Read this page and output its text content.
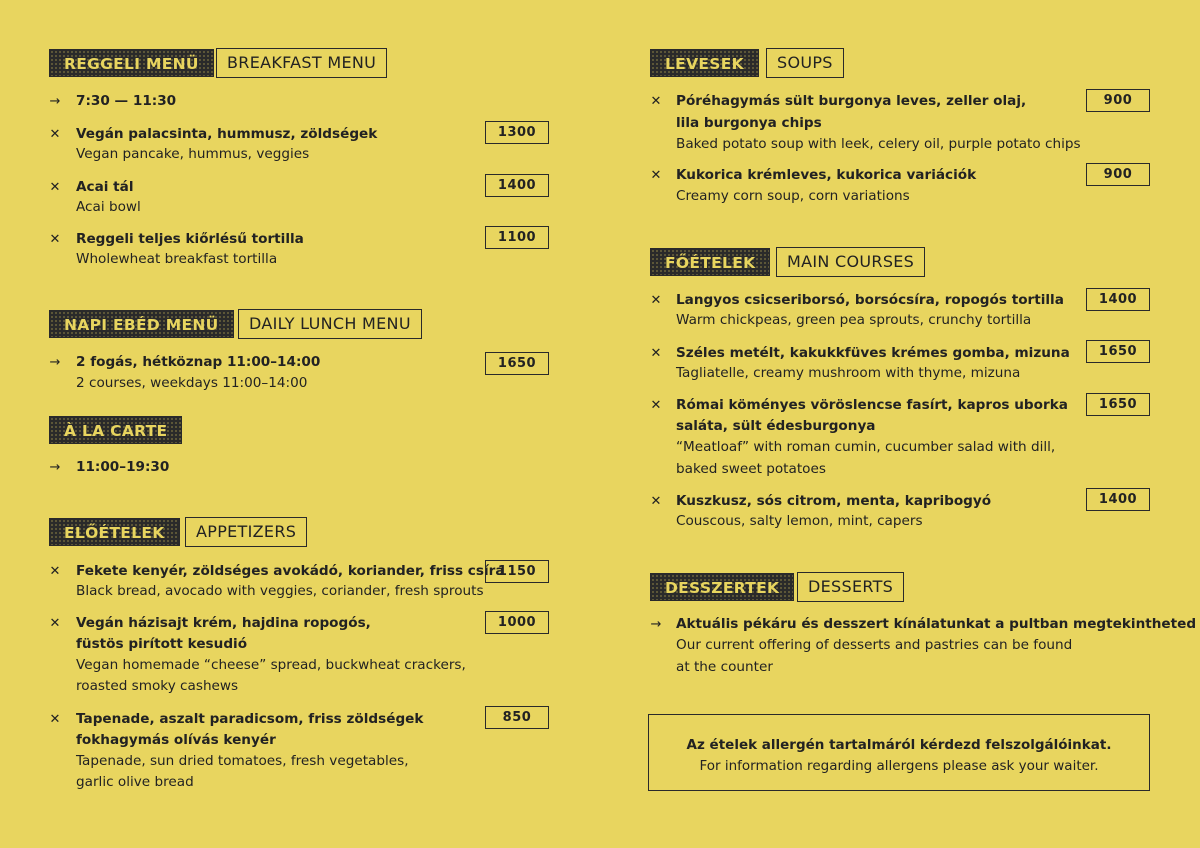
REGGELI MENÜ	BREAKFAST MENU
→ 7:30 — 11:30
✕ Vegán palacsinta, hummusz, zöldségek
Vegan pancake, hummus, veggies
1300
✕ Acai tál
Acai bowl
1400
✕ Reggeli teljes kiőrlésű tortilla
Wholewheat breakfast tortilla
1100
NAPI EBÉD MENÜ	DAILY LUNCH MENU
→ 2 fogás, hétköznap 11:00–14:00
2 courses, weekdays 11:00–14:00
1650
À LA CARTE
→ 11:00–19:30
ELŐÉTELEK	APPETIZERS
✕ Fekete kenyér, zöldséges avokádó, koriander, friss csíra
Black bread, avocado with veggies, coriander, fresh sprouts
1150
✕ Vegán házisajt krém, hajdina ropogós,
füstös pirított kesudió
Vegan homemade “cheese” spread, buckwheat crackers,
roasted smoky cashews
1000
✕ Tapenade, aszalt paradicsom, friss zöldségek
fokhagymás olívás kenyér
Tapenade, sun dried tomatoes, fresh vegetables,
garlic olive bread
850
LEVESEK	SOUPS
✕ Póréhagymás sült burgonya leves, zeller olaj,
lila burgonya chips
Baked potato soup with leek, celery oil, purple potato chips
900
✕ Kukorica krémleves, kukorica variációk
Creamy corn soup, corn variations
900
FŐÉTELEK	MAIN COURSES
✕ Langyos csicseriborsó, borsócsíra, ropogós tortilla
Warm chickpeas, green pea sprouts, crunchy tortilla
1400
✕ Széles metélt, kakukkfüves krémes gomba, mizuna
Tagliatelle, creamy mushroom with thyme, mizuna
1650
✕ Római köményes vöröslencse fasírt, kapros uborka
saláta, sült édesburgonya
“Meatloaf” with roman cumin, cucumber salad with dill,
baked sweet potatoes
1650
✕ Kuszkusz, sós citrom, menta, kapribogyó
Couscous, salty lemon, mint, capers
1400
DESSZERTEK	DESSERTS
→ Aktuális pékáru és desszert kínálatunkat a pultban megtekintheted
Our current offering of desserts and pastries can be found
at the counter
Az ételek allergén tartalmáról kérdezd felszolgálóinkat.
For information regarding allergens please ask your waiter.
